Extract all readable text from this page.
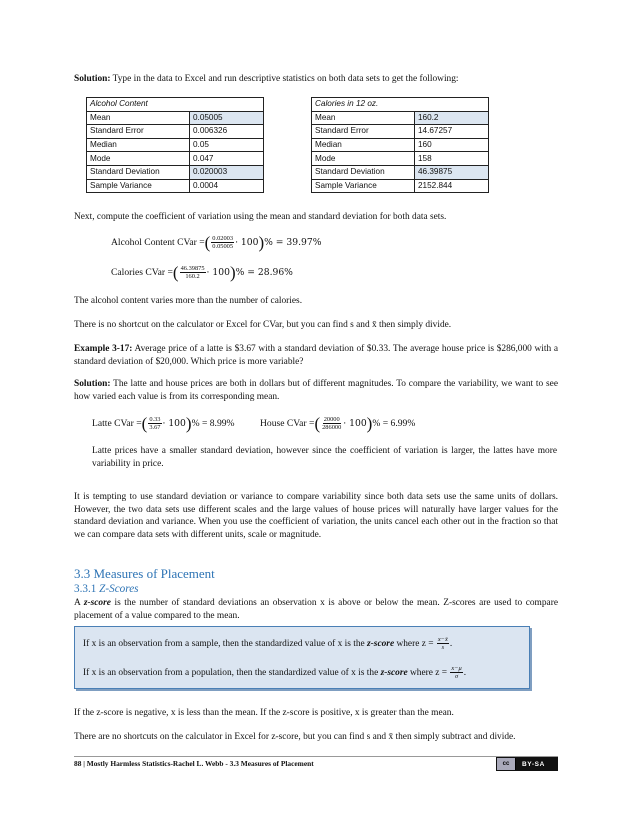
Solution: Type in the data to Excel and run descriptive statistics on both data sets to get the following:

Alcohol Content	
Mean	0.05005
Standard Error	0.006326
Median	0.05
Mode	0.047
Standard Deviation	0.020003
Sample Variance	0.0004
Calories in 12 oz.	
Mean	160.2
Standard Error	14.67257
Median	160
Mode	158
Standard Deviation	46.39875
Sample Variance	2152.844

Next, compute the coefficient of variation using the mean and standard deviation for both data sets.

Alcohol Content CVar = ( $\frac{0.02003}{0.05005} \cdot 100$ ) % = 39.97%
Calories CVar = ( $\frac{46.39875}{160.2} \cdot 100$ ) % = 28.96%

The alcohol content varies more than the number of calories.

There is no shortcut on the calculator or Excel for CVar, but you can find s and x̄ then simply divide.

Example 3-17: Average price of a latte is $3.67 with a standard deviation of $0.33. The average house price is $286,000 with a standard deviation of $20,000. Which price is more variable?

Solution: The latte and house prices are both in dollars but of different magnitudes. To compare the variability, we want to see how varied each value is from its corresponding mean.

Latte CVar = ( $\frac{0.33}{3.67} \cdot 100$ ) % = 8.99%	House CVar = ( $\frac{20000}{286000} \cdot 100$ ) % = 6.99%

Latte prices have a smaller standard deviation, however since the coefficient of variation is larger, the lattes have more variability in price.

It is tempting to use standard deviation or variance to compare variability since both data sets use the same units of dollars. However, the two data sets use different scales and the large values of house prices will naturally have larger values for the standard deviation and variance. When you use the coefficient of variation, the units cancel each other out in the fraction so that we can compare data sets with different units, scale or magnitude.

3.3 Measures of Placement
3.3.1 Z-Scores

A z-score is the number of standard deviations an observation x is above or below the mean. Z-scores are used to compare placement of a value compared to the mean.

If x is an observation from a sample, then the standardized value of x is the z-score where $z = \frac{x-x̄}{s}$ .

If x is an observation from a population, then the standardized value of x is the z-score where $z = \frac{x-\mu}{\sigma}$ .

If the z-score is negative, x is less than the mean. If the z-score is positive, x is greater than the mean.

There are no shortcuts on the calculator in Excel for z-score, but you can find s and x̄ then simply subtract and divide.

88 | Mostly Harmless Statistics-Rachel L. Webb - 3.3 Measures of Placement	cc	BY-SA
